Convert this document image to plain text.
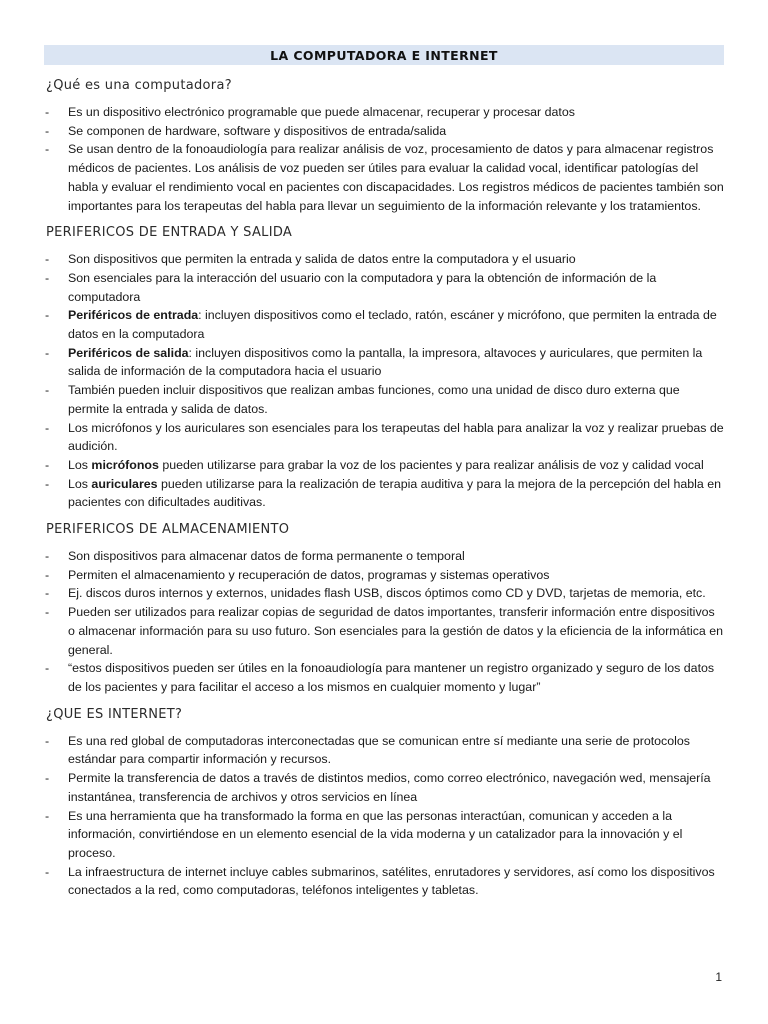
LA COMPUTADORA E INTERNET
¿Qué es una computadora?
- Es un dispositivo electrónico programable que puede almacenar, recuperar y procesar datos
- Se componen de hardware, software y dispositivos de entrada/salida
- Se usan dentro de la fonoaudiología para realizar análisis de voz, procesamiento de datos y para almacenar registros médicos de pacientes. Los análisis de voz pueden ser útiles para evaluar la calidad vocal, identificar patologías del habla y evaluar el rendimiento vocal en pacientes con discapacidades. Los registros médicos de pacientes también son importantes para los terapeutas del habla para llevar un seguimiento de la información relevante y los tratamientos.
PERIFERICOS DE ENTRADA Y SALIDA
- Son dispositivos que permiten la entrada y salida de datos entre la computadora y el usuario
- Son esenciales para la interacción del usuario con la computadora y para la obtención de información de la computadora
- Periféricos de entrada: incluyen dispositivos como el teclado, ratón, escáner y micrófono, que permiten la entrada de datos en la computadora
- Periféricos de salida: incluyen dispositivos como la pantalla, la impresora, altavoces y auriculares, que permiten la salida de información de la computadora hacia el usuario
- También pueden incluir dispositivos que realizan ambas funciones, como una unidad de disco duro externa que permite la entrada y salida de datos.
- Los micrófonos y los auriculares son esenciales para los terapeutas del habla para analizar la voz y realizar pruebas de audición.
- Los micrófonos pueden utilizarse para grabar la voz de los pacientes y para realizar análisis de voz y calidad vocal
- Los auriculares pueden utilizarse para la realización de terapia auditiva y para la mejora de la percepción del habla en pacientes con dificultades auditivas.
PERIFERICOS DE ALMACENAMIENTO
- Son dispositivos para almacenar datos de forma permanente o temporal
- Permiten el almacenamiento y recuperación de datos, programas y sistemas operativos
- Ej. discos duros internos y externos, unidades flash USB, discos óptimos como CD y DVD, tarjetas de memoria, etc.
- Pueden ser utilizados para realizar copias de seguridad de datos importantes, transferir información entre dispositivos o almacenar información para su uso futuro. Son esenciales para la gestión de datos y la eficiencia de la informática en general.
- “estos dispositivos pueden ser útiles en la fonoaudiología para mantener un registro organizado y seguro de los datos de los pacientes y para facilitar el acceso a los mismos en cualquier momento y lugar”
¿QUE ES INTERNET?
- Es una red global de computadoras interconectadas que se comunican entre sí mediante una serie de protocolos estándar para compartir información y recursos.
- Permite la transferencia de datos a través de distintos medios, como correo electrónico, navegación wed, mensajería instantánea, transferencia de archivos y otros servicios en línea
- Es una herramienta que ha transformado la forma en que las personas interactúan, comunican y acceden a la información, convirtiéndose en un elemento esencial de la vida moderna y un catalizador para la innovación y el proceso.
- La infraestructura de internet incluye cables submarinos, satélites, enrutadores y servidores, así como los dispositivos conectados a la red, como computadoras, teléfonos inteligentes y tabletas.
1
